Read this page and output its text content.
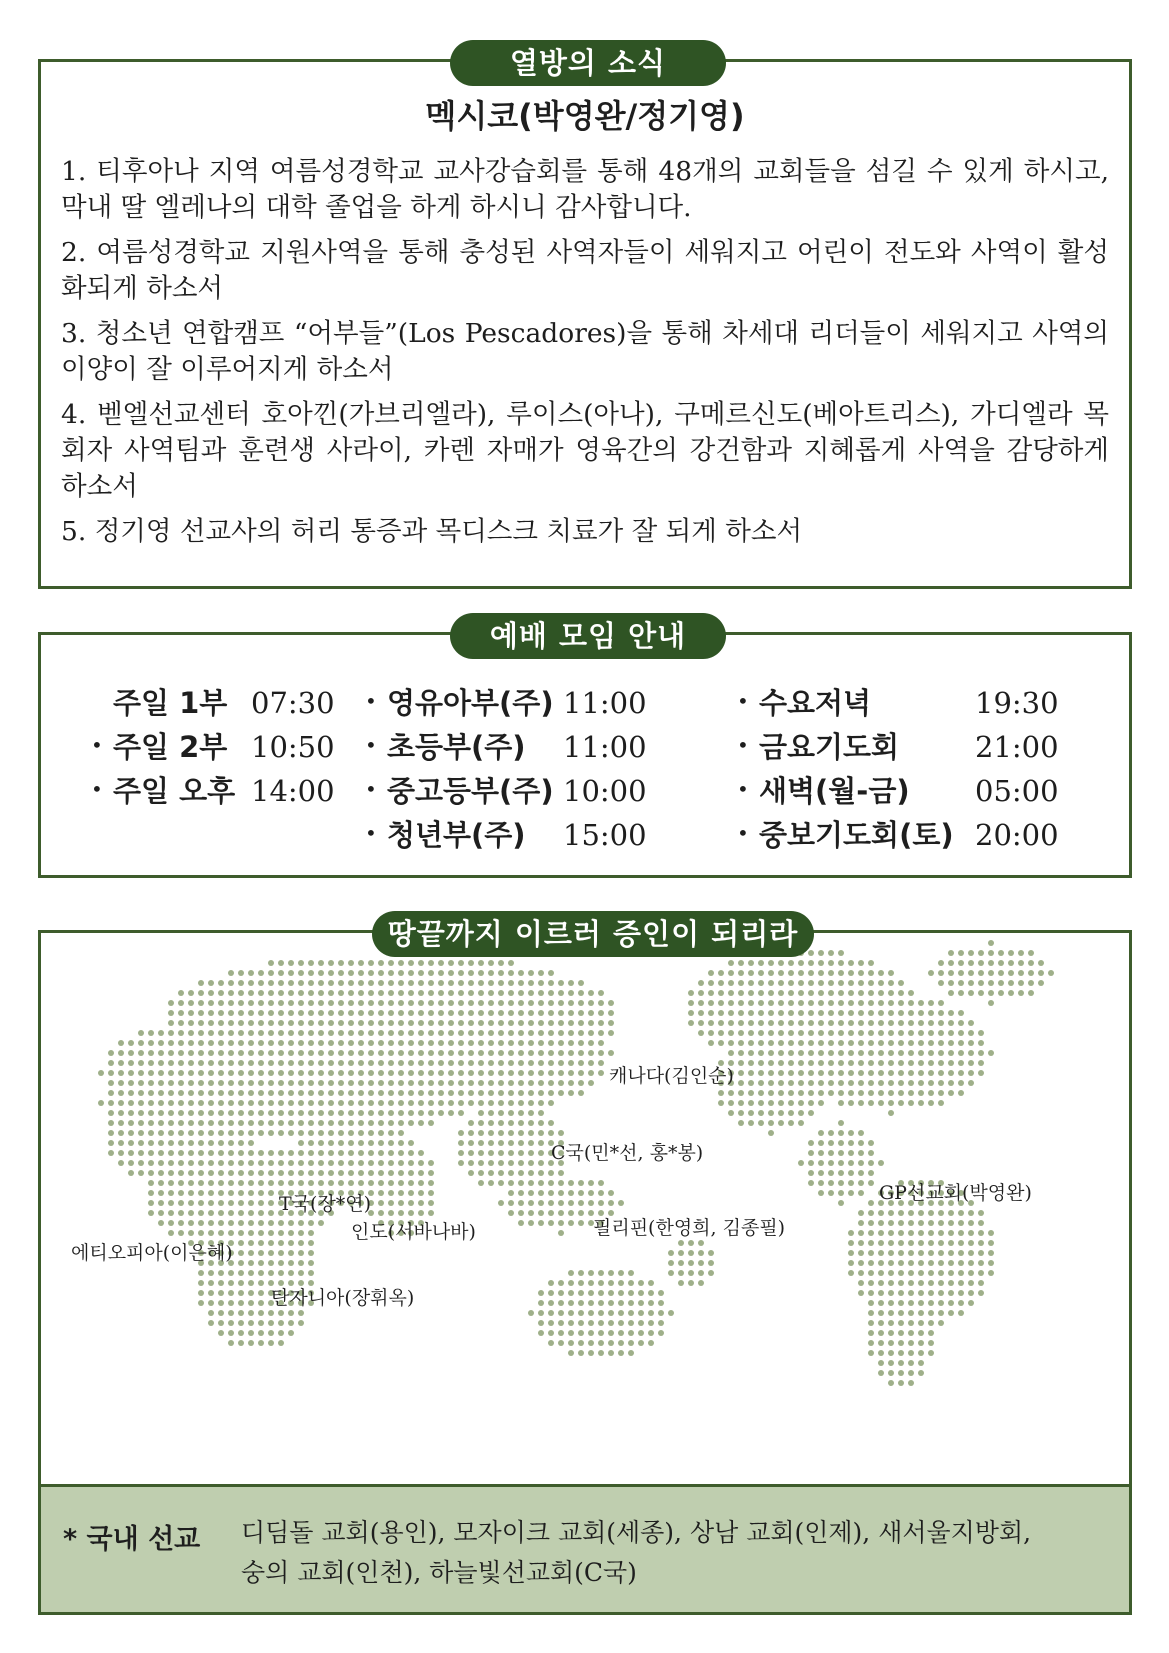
멕시코(박영완/정기영)
1. 티후아나 지역 여름성경학교 교사강습회를 통해 48개의 교회들을 섬길 수 있게 하시고, 막내 딸 엘레나의 대학 졸업을 하게 하시니 감사합니다.
2. 여름성경학교 지원사역을 통해 충성된 사역자들이 세워지고 어린이 전도와 사역이 활성화되게 하소서
3. 청소년 연합캠프 “어부들”(Los Pescadores)을 통해 차세대 리더들이 세워지고 사역의 이양이 잘 이루어지게 하소서
4. 벧엘선교센터 호아낀(가브리엘라), 루이스(아나), 구메르신도(베아트리스), 가디엘라 목회자 사역팀과 훈련생 사라이, 카렌 자매가 영육간의 강건함과 지혜롭게 사역을 감당하게 하소서
5. 정기영 선교사의 허리 통증과 목디스크 치료가 잘 되게 하소서
열방의 소식
주일 1부 07:30
• 주일 2부 10:50
• 주일 오후 14:00
• 영유아부(주) 11:00
• 초등부(주) 11:00
• 중고등부(주) 10:00
• 청년부(주) 15:00
• 수요저녁	19:30
• 금요기도회	21:00
• 새벽(월-금) 05:00
• 중보기도회(토) 20:00
예배 모임 안내
캐나다(김인순)
C국(민*선, 홍*봉)
T국(장*연)	GP선교회(박영완)
인도(서바나바)	필리핀(한영희, 김종필)
에티오피아(이은혜)
탄자니아(장휘옥)
* 국내 선교 디딤돌 교회(용인), 모자이크 교회(세종), 상남 교회(인제), 새서울지방회,
숭의 교회(인천), 하늘빛선교회(C국)
땅끝까지 이르러 증인이 되리라
